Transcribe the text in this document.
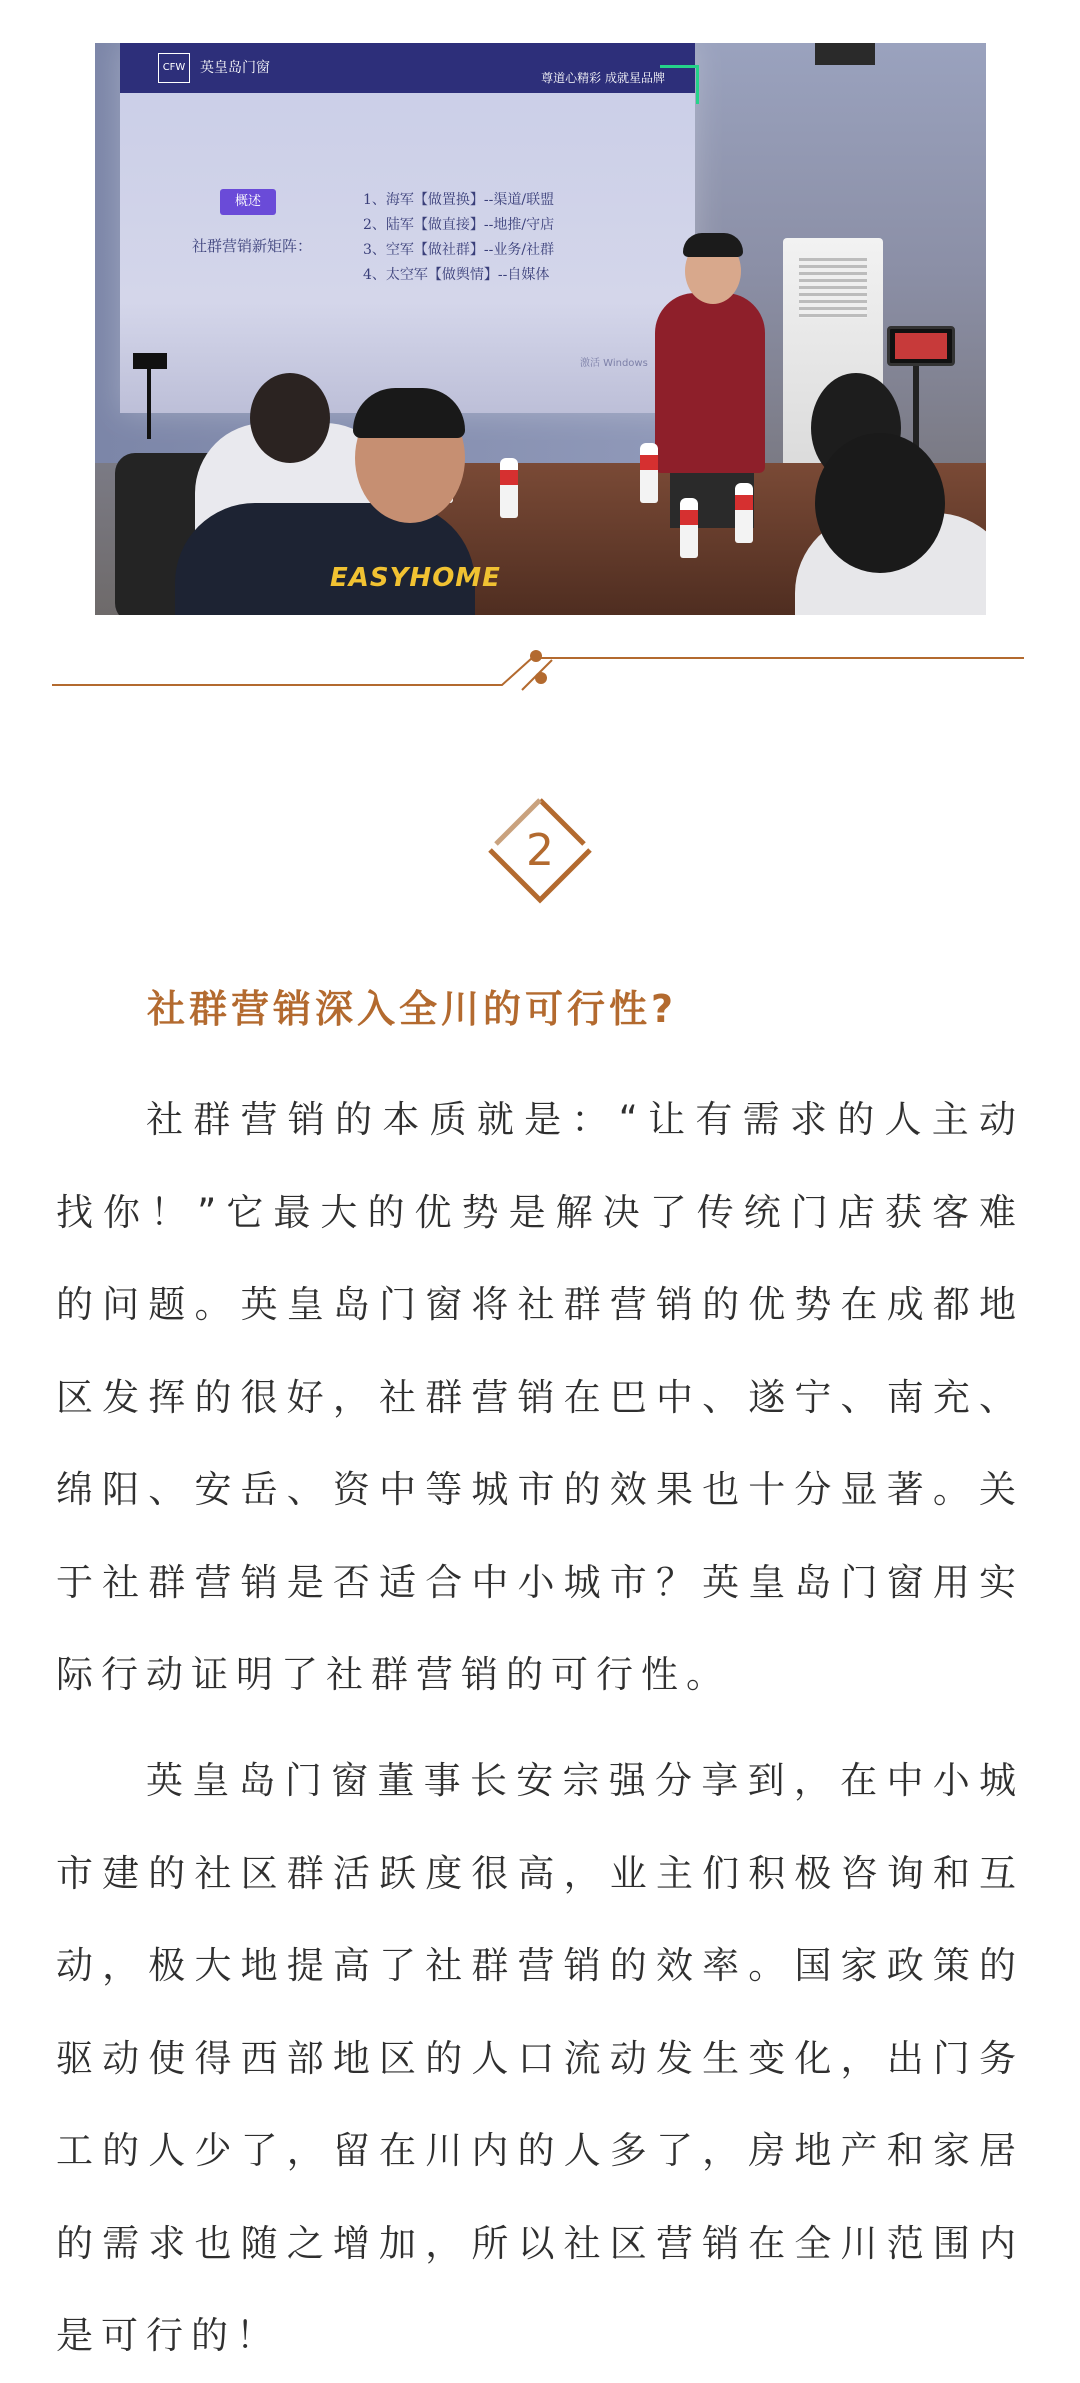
CFW	英皇岛门窗
尊道心精彩 成就星品牌
概述
社群营销新矩阵：
1、海军【做置换】--渠道/联盟
2、陆军【做直接】--地推/守店
3、空军【做社群】--业务/社群
4、太空军【做舆情】--自媒体
激活 Windows
EASYHOME
2
社群营销深入全川的可行性?

社群营销的本质就是：“让有需求的人主动找你！”它最大的优势是解决了传统门店获客难的问题。英皇岛门窗将社群营销的优势在成都地区发挥的很好，社群营销在巴中、遂宁、南充、绵阳、安岳、资中等城市的效果也十分显著。关于社群营销是否适合中小城市？英皇岛门窗用实际行动证明了社群营销的可行性。

英皇岛门窗董事长安宗强分享到，在中小城市建的社区群活跃度很高，业主们积极咨询和互动，极大地提高了社群营销的效率。国家政策的驱动使得西部地区的人口流动发生变化，出门务工的人少了，留在川内的人多了，房地产和家居的需求也随之增加，所以社区营销在全川范围内是可行的！
